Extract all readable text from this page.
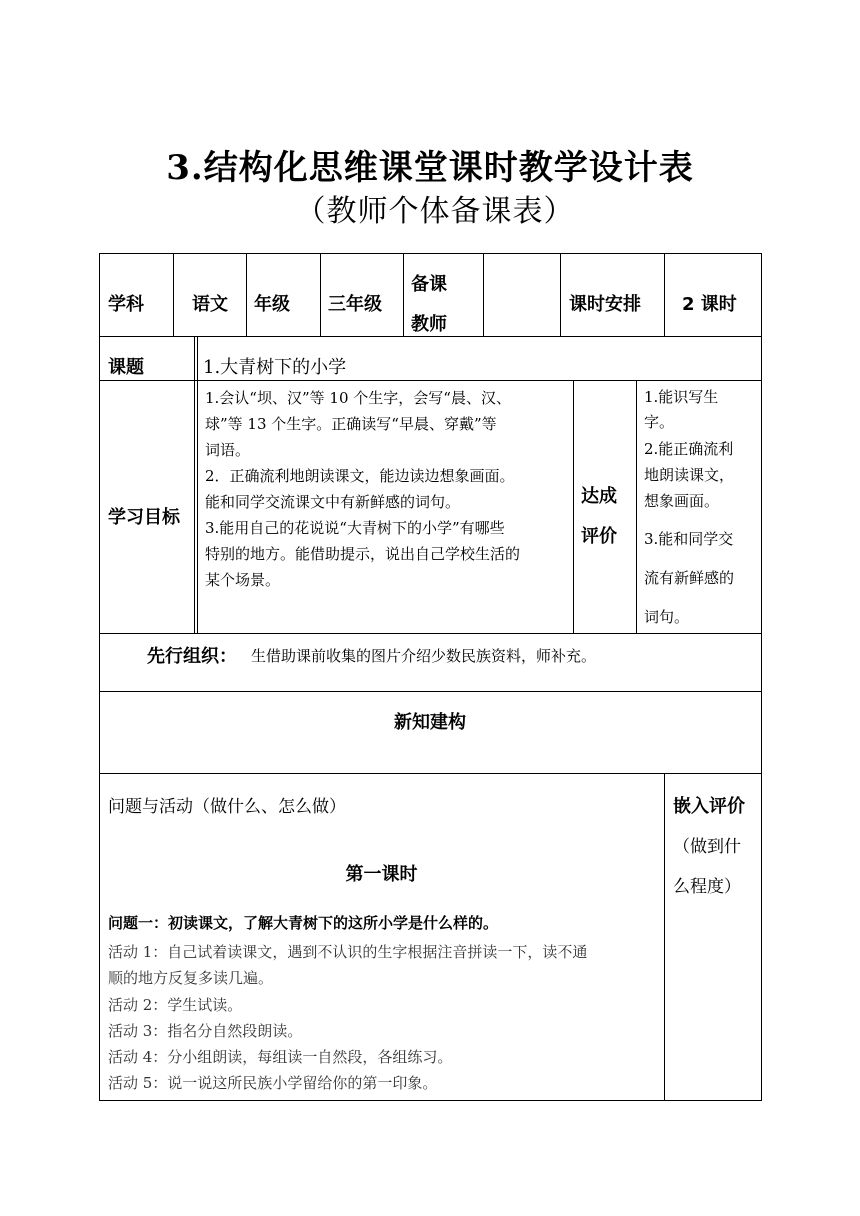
3.结构化思维课堂课时教学设计表
（教师个体备课表）
学科	语文 年级 三年级
备课
教师
课时安排 2 课时
课题	1.大青树下的小学
学习目标
1.会认“坝、汉”等 10 个生字，会写“晨、汉、
球”等 13 个生字。正确读写“早晨、穿戴”等
词语。
2．正确流利地朗读课文，能边读边想象画面。
能和同学交流课文中有新鲜感的词句。
3.能用自己的花说说“大青树下的小学”有哪些
特别的地方。能借助提示，说出自己学校生活的
某个场景。
达成
评价
1.能识写生
字。
2.能正确流利
地朗读课文，
想象画面。
3.能和同学交
流有新鲜感的
词句。
先行组织： 生借助课前收集的图片介绍少数民族资料，师补充。
新知建构
问题与活动（做什么、怎么做）
第一课时
问题一：初读课文，了解大青树下的这所小学是什么样的。
活动 1：自己试着读课文，遇到不认识的生字根据注音拼读一下，读不通
顺的地方反复多读几遍。
活动 2：学生试读。
活动 3：指名分自然段朗读。
活动 4：分小组朗读，每组读一自然段，各组练习。
活动 5：说一说这所民族小学留给你的第一印象。
嵌入评价
（做到什
么程度）
